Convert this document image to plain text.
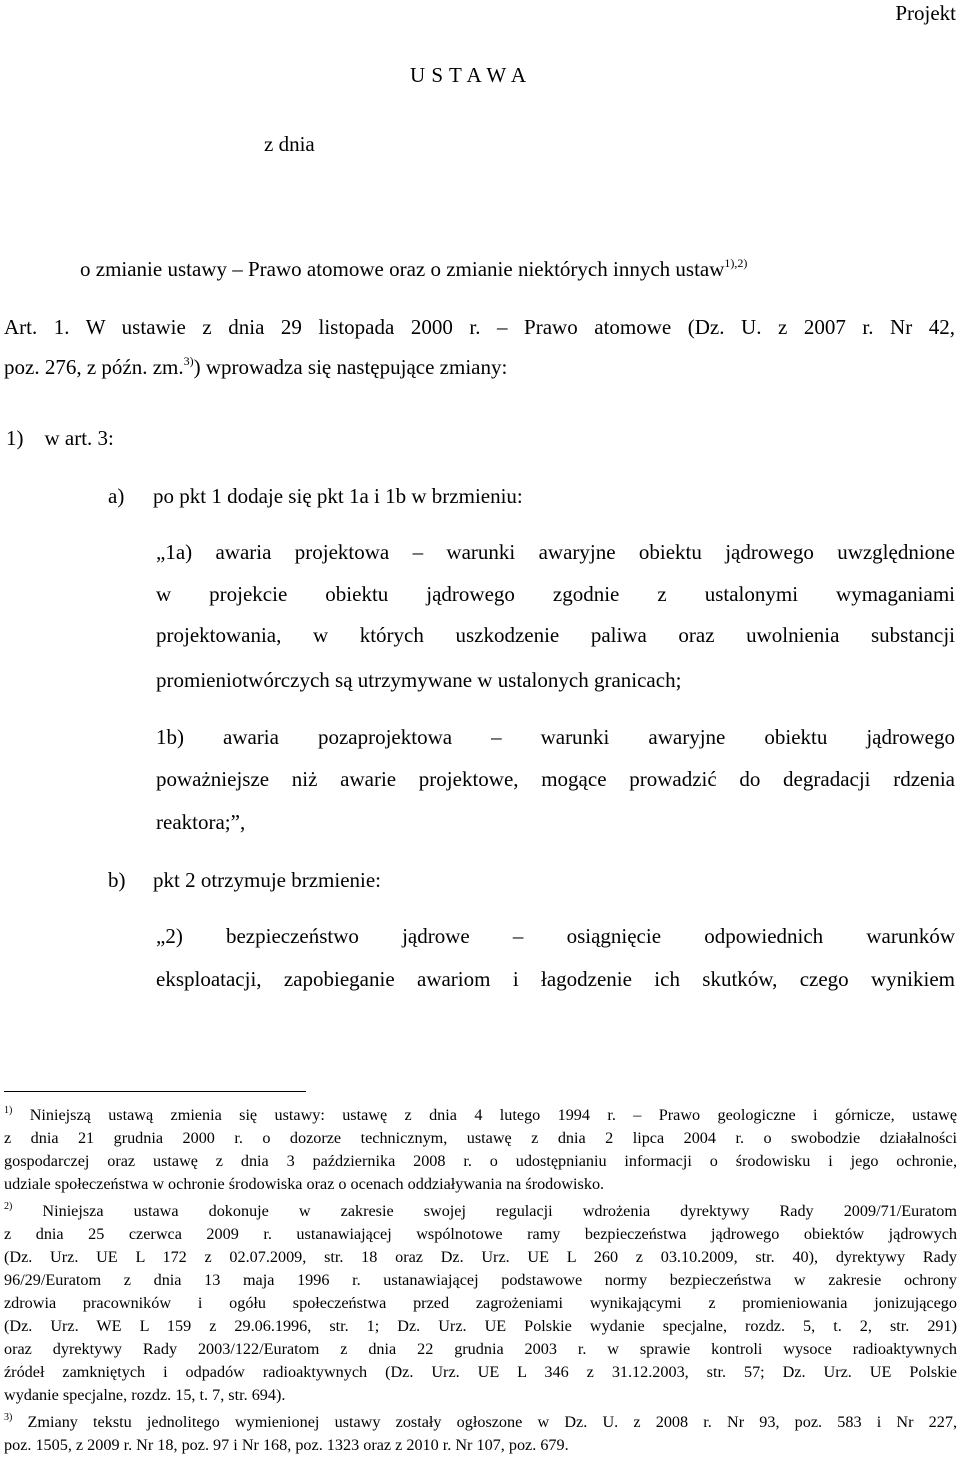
Projekt
U S T A W A
z dnia
o zmianie ustawy – Prawo atomowe oraz o zmianie niektórych innych ustaw$^{1),2)}$
Art. 1. W ustawie z dnia 29 listopada 2000 r. – Prawo atomowe (Dz. U. z 2007 r. Nr 42,
poz. 276, z późn. zm.$^{3)}$) wprowadza się następujące zmiany:
1) w art. 3:
a) po pkt 1 dodaje się pkt 1a i 1b w brzmieniu:
„1a) awaria projektowa – warunki awaryjne obiektu jądrowego uwzględnione
w projekcie obiektu jądrowego zgodnie z ustalonymi wymaganiami
projektowania, w których uszkodzenie paliwa oraz uwolnienia substancji
promieniotwórczych są utrzymywane w ustalonych granicach;
1b) awaria pozaprojektowa – warunki awaryjne obiektu jądrowego
poważniejsze niż awarie projektowe, mogące prowadzić do degradacji rdzenia
reaktora;”,
b) pkt 2 otrzymuje brzmienie:
„2) bezpieczeństwo jądrowe – osiągnięcie odpowiednich warunków
eksploatacji, zapobieganie awariom i łagodzenie ich skutków, czego wynikiem
$^{1)}$ Niniejszą ustawą zmienia się ustawy: ustawę z dnia 4 lutego 1994 r. – Prawo geologiczne i górnicze, ustawę
z dnia 21 grudnia 2000 r. o dozorze technicznym, ustawę z dnia 2 lipca 2004 r. o swobodzie działalności
gospodarczej oraz ustawę z dnia 3 października 2008 r. o udostępnianiu informacji o środowisku i jego ochronie,
udziale społeczeństwa w ochronie środowiska oraz o ocenach oddziaływania na środowisko.
$^{2)}$ Niniejsza ustawa dokonuje w zakresie swojej regulacji wdrożenia dyrektywy Rady 2009/71/Euratom
z dnia 25 czerwca 2009 r. ustanawiającej wspólnotowe ramy bezpieczeństwa jądrowego obiektów jądrowych
(Dz. Urz. UE L 172 z 02.07.2009, str. 18 oraz Dz. Urz. UE L 260 z 03.10.2009, str. 40), dyrektywy Rady
96/29/Euratom z dnia 13 maja 1996 r. ustanawiającej podstawowe normy bezpieczeństwa w zakresie ochrony
zdrowia pracowników i ogółu społeczeństwa przed zagrożeniami wynikającymi z promieniowania jonizującego
(Dz. Urz. WE L 159 z 29.06.1996, str. 1; Dz. Urz. UE Polskie wydanie specjalne, rozdz. 5, t. 2, str. 291)
oraz dyrektywy Rady 2003/122/Euratom z dnia 22 grudnia 2003 r. w sprawie kontroli wysoce radioaktywnych
źródeł zamkniętych i odpadów radioaktywnych (Dz. Urz. UE L 346 z 31.12.2003, str. 57; Dz. Urz. UE Polskie
wydanie specjalne, rozdz. 15, t. 7, str. 694).
$^{3)}$ Zmiany tekstu jednolitego wymienionej ustawy zostały ogłoszone w Dz. U. z 2008 r. Nr 93, poz. 583 i Nr 227,
poz. 1505, z 2009 r. Nr 18, poz. 97 i Nr 168, poz. 1323 oraz z 2010 r. Nr 107, poz. 679.
